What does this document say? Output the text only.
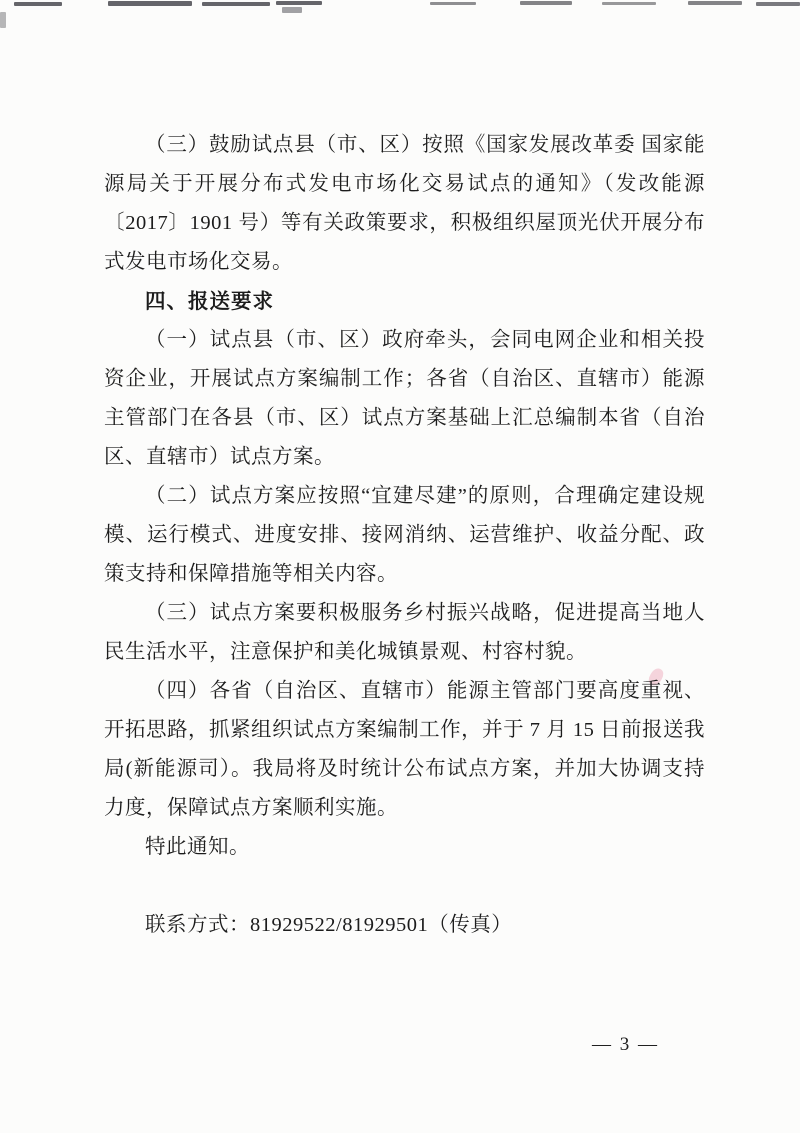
（三）鼓励试点县（市、区）按照《国家发展改革委 国家能源局关于开展分布式发电市场化交易试点的通知》（发改能源〔2017〕1901 号）等有关政策要求，积极组织屋顶光伏开展分布式发电市场化交易。

四、报送要求

（一）试点县（市、区）政府牵头，会同电网企业和相关投资企业，开展试点方案编制工作；各省（自治区、直辖市）能源主管部门在各县（市、区）试点方案基础上汇总编制本省（自治区、直辖市）试点方案。

（二）试点方案应按照“宜建尽建”的原则，合理确定建设规模、运行模式、进度安排、接网消纳、运营维护、收益分配、政策支持和保障措施等相关内容。

（三）试点方案要积极服务乡村振兴战略，促进提高当地人民生活水平，注意保护和美化城镇景观、村容村貌。

（四）各省（自治区、直辖市）能源主管部门要高度重视、开拓思路，抓紧组织试点方案编制工作，并于 7 月 15 日前报送我局(新能源司）。我局将及时统计公布试点方案，并加大协调支持力度，保障试点方案顺利实施。

特此通知。

联系方式：81929522/81929501（传真）

— 3 —
